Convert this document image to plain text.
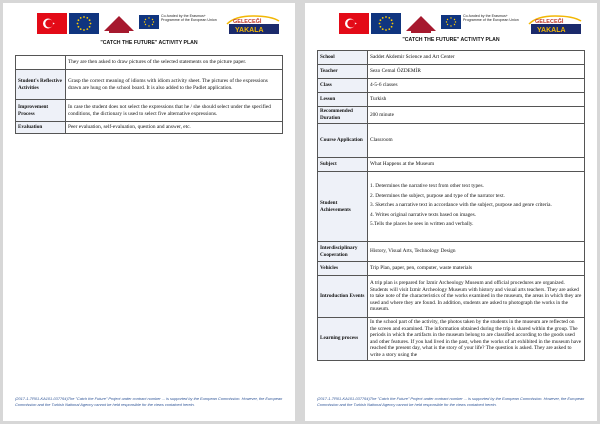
Co-funded by the Erasmus+ Programme of the European Union	GELECEĞİ
YAKALA
"CATCH THE FUTURE" ACTIVITY PLAN
	They are then asked to draw pictures of the selected statements on the picture paper.
Student's Reflective Activities	Grasp the correct meaning of idioms with idiom activity sheet. The pictures of the expressions drawn are hung on the school board. It is also added to the Padlet application.
Improvement Process	In case the student does not select the expressions that he / she should select under the specified conditions, the dictionary is used to select five alternative expressions.
Evaluation	Peer evaluation, self-evaluation, question and answer, etc.
(2017-1-TR01-KA101-037764)The "Catch the Future" Project under contract number ... is supported by the European Commission. However, the European Commission and the Turkish National Agency cannot be held responsible for the views contained herein.
Co-funded by the Erasmus+ Programme of the European Union	GELECEĞİ
YAKALA
"CATCH THE FUTURE" ACTIVITY PLAN
School	Saddet Akdemir Science and Art Center
Teacher	Sezo Cemal ÖZDEMİR
Class	4-5-6 classes
Lesson	Turkish
Recommended Duration	200 minute
Course Application	Classroom
Subject	What Happens at the Museum
Student Achievements	1. Determines the narrative text from other text types.

2. Determines the subject, purpose and type of the narrator text.

3. Sketches a narrative text in accordance with the subject, purpose and genre criteria.

4. Writes original narrative texts based on images.

5.Tells the places he sees in written and verbally.

Interdisciplinary Cooperation	History, Visual Arts, Technology Design
Vehicles	Trip Plan, paper, pen, computer, waste materials
Introduction Events	A trip plan is prepared for Izmir Archeology Museum and official procedures are organized. Students will visit Izmir Archeology Museum with history and visual arts teachers. They are asked to take note of the characteristics of the works examined in the museum, the areas in which they are used and where they are found. In addition, students are asked to photograph the works in the museum.
Learning process	In the school part of the activity, the photos taken by the students in the museum are reflected on the screen and examined. The information obtained during the trip is shared within the group. The periods in which the artifacts in the museum belong to are classified according to the goods used and other features. If you had lived in the past, when the works of art exhibited in the museum have reached the present day, what is the story of your life? The question is asked. They are asked to write a story using the
(2017-1-TR01-KA101-037764)The "Catch the Future" Project under contract number ... is supported by the European Commission. However, the European Commission and the Turkish National Agency cannot be held responsible for the views contained herein.
